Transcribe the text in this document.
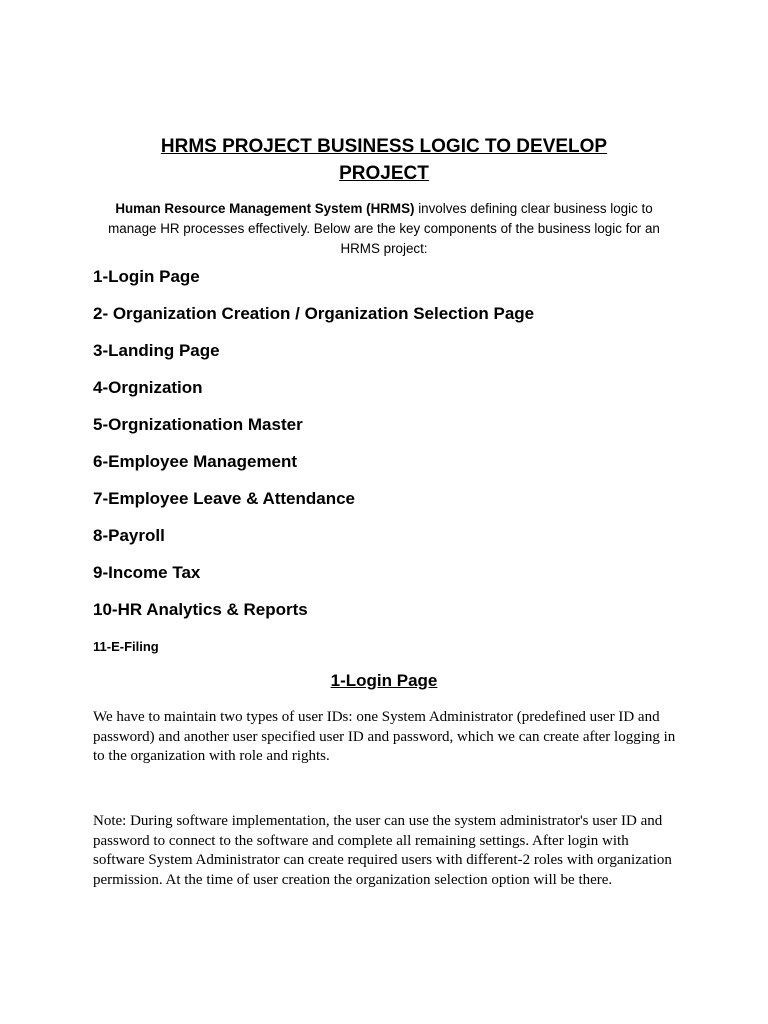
HRMS PROJECT BUSINESS LOGIC TO DEVELOP
PROJECT

Human Resource Management System (HRMS) involves defining clear business logic to manage HR processes effectively. Below are the key components of the business logic for an HRMS project:

1-Login Page
2- Organization Creation / Organization Selection Page
3-Landing Page
4-Orgnization
5-Orgnizationation Master
6-Employee Management
7-Employee Leave & Attendance
8-Payroll
9-Income Tax
10-HR Analytics & Reports
11-E-Filing
1-Login Page

We have to maintain two types of user IDs: one System Administrator (predefined user ID and password) and another user specified user ID and password, which we can create after logging in to the organization with role and rights.

Note: During software implementation, the user can use the system administrator's user ID and password to connect to the software and complete all remaining settings. After login with software System Administrator can create required users with different-2 roles with organization permission. At the time of user creation the organization selection option will be there.
